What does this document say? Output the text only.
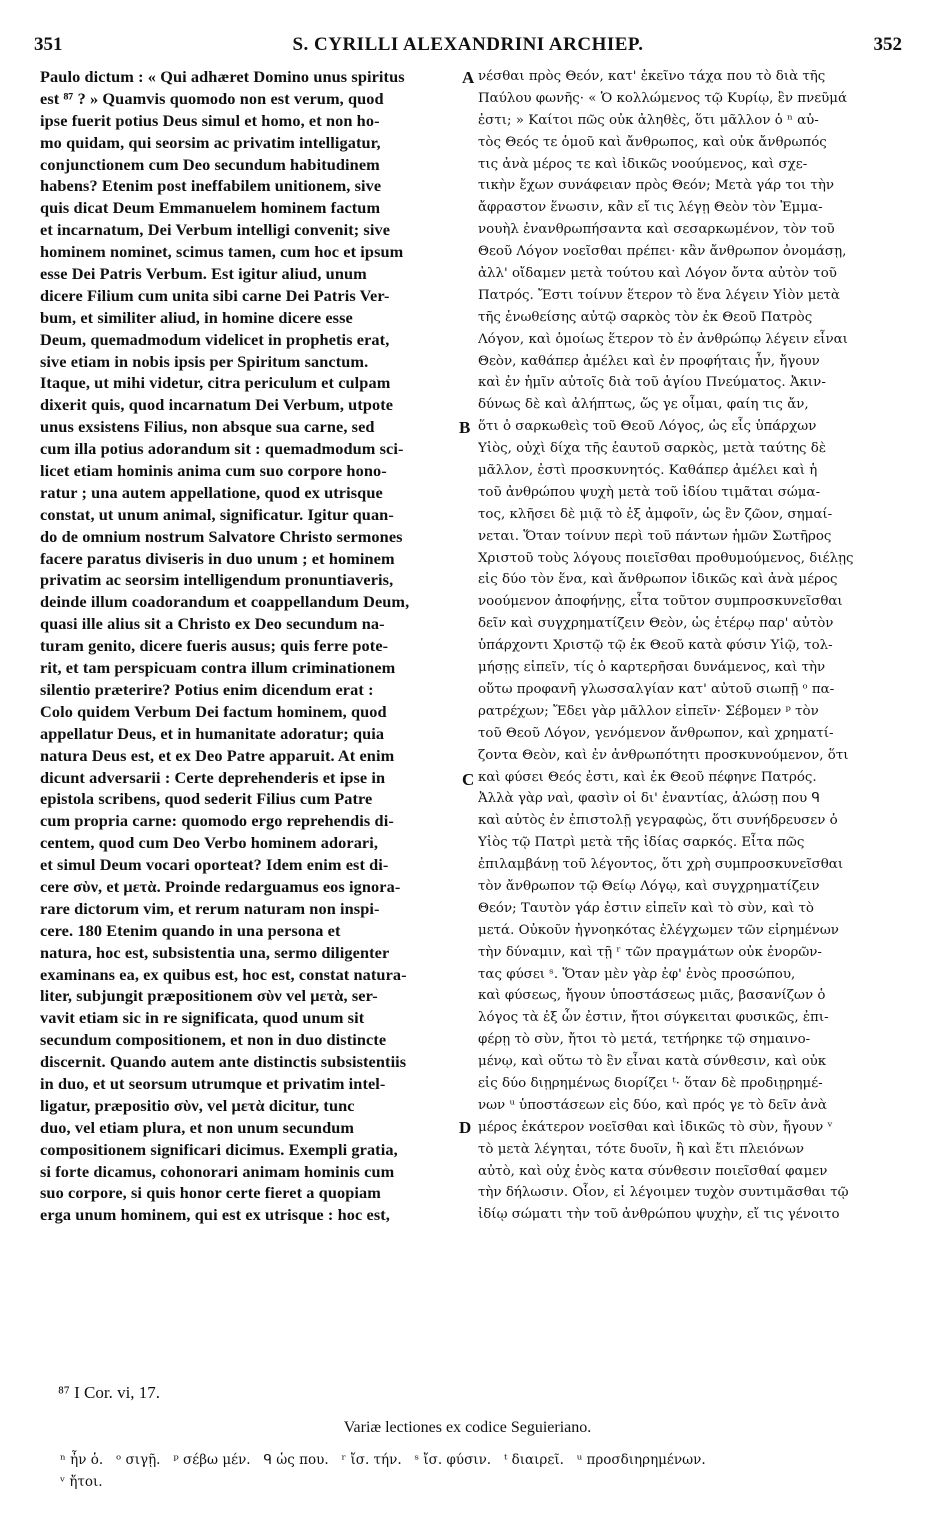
351	S. CYRILLI ALEXANDRINI ARCHIEP.	352
Paulo dictum : « Qui adhæret Domino unus spiritus
est ⁸⁷ ? » Quamvis quomodo non est verum, quod
ipse fuerit potius Deus simul et homo, et non ho-
mo quidam, qui seorsim ac privatim intelligatur,
conjunctionem cum Deo secundum habitudinem
habens? Etenim post ineffabilem unitionem, sive
quis dicat Deum Emmanuelem hominem factum
et incarnatum, Dei Verbum intelligi convenit; sive
hominem nominet, scimus tamen, cum hoc et ipsum
esse Dei Patris Verbum. Est igitur aliud, unum
dicere Filium cum unita sibi carne Dei Patris Ver-
bum, et similiter aliud, in homine dicere esse
Deum, quemadmodum videlicet in prophetis erat,
sive etiam in nobis ipsis per Spiritum sanctum.
Itaque, ut mihi videtur, citra periculum et culpam
dixerit quis, quod incarnatum Dei Verbum, utpote
unus exsistens Filius, non absque sua carne, sed
cum illa potius adorandum sit : quemadmodum sci-
licet etiam hominis anima cum suo corpore hono-
ratur ; una autem appellatione, quod ex utrisque
constat, ut unum animal, significatur. Igitur quan-
do de omnium nostrum Salvatore Christo sermones
facere paratus diviseris in duo unum ; et hominem
privatim ac seorsim intelligendum pronuntiaveris,
deinde illum coadorandum et coappellandum Deum,
quasi ille alius sit a Christo ex Deo secundum na-
turam genito, dicere fueris ausus; quis ferre pote-
rit, et tam perspicuam contra illum criminationem
silentio præterire? Potius enim dicendum erat :
Colo quidem Verbum Dei factum hominem, quod
appellatur Deus, et in humanitate adoratur; quia
natura Deus est, et ex Deo Patre apparuit. At enim
dicunt adversarii : Certe deprehenderis et ipse in
epistola scribens, quod sederit Filius cum Patre
cum propria carne: quomodo ergo reprehendis di-
centem, quod cum Deo Verbo hominem adorari,
et simul Deum vocari oporteat? Idem enim est di-
cere σὺν, et μετὰ. Proinde redarguamus eos ignora-
rare dictorum vim, et rerum naturam non inspi-
cere. 180 Etenim quando in una persona et
natura, hoc est, subsistentia una, sermo diligenter
examinans ea, ex quibus est, hoc est, constat natura-
liter, subjungit præpositionem σὺν vel μετὰ, ser-
vavit etiam sic in re significata, quod unum sit
secundum compositionem, et non in duo distincte
discernit. Quando autem ante distinctis subsistentiis
in duo, et ut seorsum utrumque et privatim intel-
ligatur, præpositio σὺν, vel μετὰ dicitur, tunc
duo, vel etiam plura, et non unum secundum
compositionem significari dicimus. Exempli gratia,
si forte dicamus, cohonorari animam hominis cum
suo corpore, si quis honor certe fieret a quopiam
erga unum hominem, qui est ex utrisque : hoc est,
νέσθαι πρὸς Θεόν, κατ' ἐκεῖνο τάχα που τὸ διὰ τῆς
Παύλου φωνῆς· « Ὁ κολλώμενος τῷ Κυρίῳ, ἓν πνεῦμά
ἐστι; » Καίτοι πῶς οὐκ ἀληθὲς, ὅτι μᾶλλον ὁ ⁿ αὐ-
τὸς Θεός τε ὁμοῦ καὶ ἄνθρωπος, καὶ οὐκ ἄνθρωπός
τις ἀνὰ μέρος τε καὶ ἰδικῶς νοούμενος, καὶ σχε-
τικὴν ἔχων συνάφειαν πρὸς Θεόν; Μετὰ γάρ τοι τὴν
ἄφραστον ἕνωσιν, κἂν εἴ τις λέγῃ Θεὸν τὸν Ἐμμα-
νουὴλ ἐνανθρωπήσαντα καὶ σεσαρκωμένον, τὸν τοῦ
Θεοῦ Λόγον νοεῖσθαι πρέπει· κἂν ἄνθρωπον ὀνομάσῃ,
ἀλλ' οἴδαμεν μετὰ τούτου καὶ Λόγον ὄντα αὐτὸν τοῦ
Πατρός. Ἔστι τοίνυν ἕτερον τὸ ἕνα λέγειν Υἱὸν μετὰ
τῆς ἑνωθείσης αὐτῷ σαρκὸς τὸν ἐκ Θεοῦ Πατρὸς
Λόγον, καὶ ὁμοίως ἕτερον τὸ ἐν ἀνθρώπῳ λέγειν εἶναι
Θεὸν, καθάπερ ἀμέλει καὶ ἐν προφήταις ἦν, ἤγουν
καὶ ἐν ἡμῖν αὐτοῖς διὰ τοῦ ἁγίου Πνεύματος. Ἀκιν-
δύνως δὲ καὶ ἀλήπτως, ὥς γε οἶμαι, φαίη τις ἄν,
ὅτι ὁ σαρκωθεὶς τοῦ Θεοῦ Λόγος, ὡς εἷς ὑπάρχων
Υἱὸς, οὐχὶ δίχα τῆς ἑαυτοῦ σαρκὸς, μετὰ ταύτης δὲ
μᾶλλον, ἐστὶ προσκυνητός. Καθάπερ ἀμέλει καὶ ἡ
τοῦ ἀνθρώπου ψυχὴ μετὰ τοῦ ἰδίου τιμᾶται σώμα-
τος, κλῆσει δὲ μιᾷ τὸ ἐξ ἀμφοῖν, ὡς ἓν ζῶον, σημαί-
νεται. Ὅταν τοίνυν περὶ τοῦ πάντων ἡμῶν Σωτῆρος
Χριστοῦ τοὺς λόγους ποιεῖσθαι προθυμούμενος, διέλῃς
εἰς δύο τὸν ἕνα, καὶ ἄνθρωπον ἰδικῶς καὶ ἀνὰ μέρος
νοούμενον ἀποφήνῃς, εἶτα τοῦτον συμπροσκυνεῖσθαι
δεῖν καὶ συγχρηματίζειν Θεὸν, ὡς ἑτέρῳ παρ' αὐτὸν
ὑπάρχοντι Χριστῷ τῷ ἐκ Θεοῦ κατὰ φύσιν Υἱῷ, τολ-
μήσῃς εἰπεῖν, τίς ὁ καρτερῆσαι δυνάμενος, καὶ τὴν
οὕτω προφανῆ γλωσσαλγίαν κατ' αὐτοῦ σιωπῇ ᵒ πα-
ρατρέχων; Ἔδει γὰρ μᾶλλον εἰπεῖν· Σέβομεν ᵖ τὸν
τοῦ Θεοῦ Λόγον, γενόμενον ἄνθρωπον, καὶ χρηματί-
ζοντα Θεὸν, καὶ ἐν ἀνθρωπότητι προσκυνούμενον, ὅτι
καὶ φύσει Θεός ἐστι, καὶ ἐκ Θεοῦ πέφηνε Πατρός.
Ἀλλὰ γὰρ ναὶ, φασὶν οἱ δι' ἐναντίας, ἁλώσῃ που ᑫ
καὶ αὐτὸς ἐν ἐπιστολῇ γεγραφὼς, ὅτι συνήδρευσεν ὁ
Υἱὸς τῷ Πατρὶ μετὰ τῆς ἰδίας σαρκός. Εἶτα πῶς
ἐπιλαμβάνῃ τοῦ λέγοντος, ὅτι χρὴ συμπροσκυνεῖσθαι
τὸν ἄνθρωπον τῷ Θείῳ Λόγῳ, καὶ συγχρηματίζειν
Θεόν; Ταυτὸν γάρ ἐστιν εἰπεῖν καὶ τὸ σὺν, καὶ τὸ
μετά. Οὐκοῦν ἠγνοηκότας ἐλέγχωμεν τῶν εἰρημένων
τὴν δύναμιν, καὶ τῇ ʳ τῶν πραγμάτων οὐκ ἐνορῶν-
τας φύσει ˢ. Ὅταν μὲν γὰρ ἐφ' ἑνὸς προσώπου,
καὶ φύσεως, ἤγουν ὑποστάσεως μιᾶς, βασανίζων ὁ
λόγος τὰ ἐξ ὧν ἐστιν, ἤτοι σύγκειται φυσικῶς, ἐπι-
φέρῃ τὸ σὺν, ἤτοι τὸ μετά, τετήρηκε τῷ σημαινο-
μένῳ, καὶ οὕτω τὸ ἓν εἶναι κατὰ σύνθεσιν, καὶ οὐκ
εἰς δύο διῃρημένως διορίζει ᵗ· ὅταν δὲ προδιῃρημέ-
νων ᵘ ὑποστάσεων εἰς δύο, καὶ πρός γε τὸ δεῖν ἀνὰ
μέρος ἑκάτερον νοεῖσθαι καὶ ἰδικῶς τὸ σὺν, ἤγουν ᵛ
τὸ μετὰ λέγηται, τότε δυοῖν, ἢ καὶ ἔτι πλειόνων
αὐτὸ, καὶ οὐχ ἑνὸς κατα σύνθεσιν ποιεῖσθαί φαμεν
τὴν δήλωσιν. Οἷον, εἰ λέγοιμεν τυχὸν συντιμᾶσθαι τῷ
ἰδίῳ σώματι τὴν τοῦ ἀνθρώπου ψυχὴν, εἴ τις γένοιτο
A
B
C
D
⁸⁷ I Cor. vi, 17.
Variæ lectiones ex codice Seguieriano.
ⁿ ἦν ὁ.   ᵒ σιγῇ.   ᵖ σέβω μέν.   ᑫ ὡς που.   ʳ ἴσ. τήν.   ˢ ἴσ. φύσιν.   ᵗ διαιρεῖ.   ᵘ προσδιηρημένων.
ᵛ ἤτοι.
